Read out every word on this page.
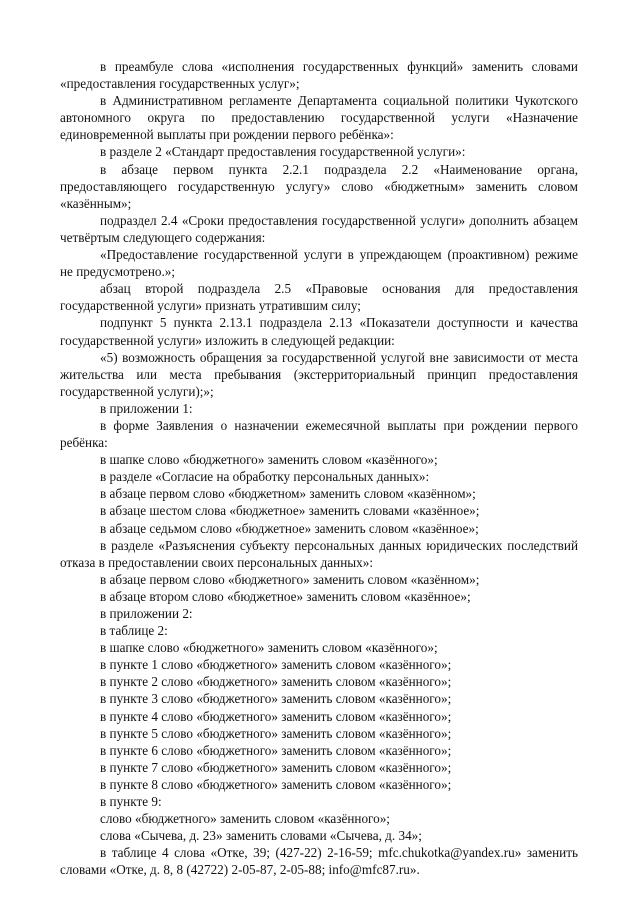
в преамбуле слова «исполнения государственных функций» заменить словами «предоставления государственных услуг»;

в Административном регламенте Департамента социальной политики Чукотского автономного округа по предоставлению государственной услуги «Назначение единовременной выплаты при рождении первого ребёнка»:

в разделе 2 «Стандарт предоставления государственной услуги»:

в абзаце первом пункта 2.2.1 подраздела 2.2 «Наименование органа, предоставляющего государственную услугу» слово «бюджетным» заменить словом «казённым»;

подраздел 2.4 «Сроки предоставления государственной услуги» дополнить абзацем четвёртым следующего содержания:

«Предоставление государственной услуги в упреждающем (проактивном) режиме не предусмотрено.»;

абзац второй подраздела 2.5 «Правовые основания для предоставления государственной услуги» признать утратившим силу;

подпункт 5 пункта 2.13.1 подраздела 2.13 «Показатели доступности и качества государственной услуги» изложить в следующей редакции:

«5) возможность обращения за государственной услугой вне зависимости от места жительства или места пребывания (экстерриториальный принцип предоставления государственной услуги);»;

в приложении 1:

в форме Заявления о назначении ежемесячной выплаты при рождении первого ребёнка:

в шапке слово «бюджетного» заменить словом «казённого»;

в разделе «Согласие на обработку персональных данных»:

в абзаце первом слово «бюджетном» заменить словом «казённом»;

в абзаце шестом слова «бюджетное» заменить словами «казённое»;

в абзаце седьмом слово «бюджетное» заменить словом «казённое»;

в разделе «Разъяснения субъекту персональных данных юридических последствий отказа в предоставлении своих персональных данных»:

в абзаце первом слово «бюджетного» заменить словом «казённом»;

в абзаце втором слово «бюджетное» заменить словом «казённое»;

в приложении 2:

в таблице 2:

в шапке слово «бюджетного» заменить словом «казённого»;

в пункте 1 слово «бюджетного» заменить словом «казённого»;

в пункте 2 слово «бюджетного» заменить словом «казённого»;

в пункте 3 слово «бюджетного» заменить словом «казённого»;

в пункте 4 слово «бюджетного» заменить словом «казённого»;

в пункте 5 слово «бюджетного» заменить словом «казённого»;

в пункте 6 слово «бюджетного» заменить словом «казённого»;

в пункте 7 слово «бюджетного» заменить словом «казённого»;

в пункте 8 слово «бюджетного» заменить словом «казённого»;

в пункте 9:

слово «бюджетного» заменить словом «казённого»;

слова «Сычева, д. 23» заменить словами «Сычева, д. 34»;

в таблице 4 слова «Отке, 39; (427-22) 2-16-59; mfc.chukotka@yandex.ru» заменить словами «Отке, д. 8, 8 (42722) 2-05-87, 2-05-88; info@mfc87.ru».
